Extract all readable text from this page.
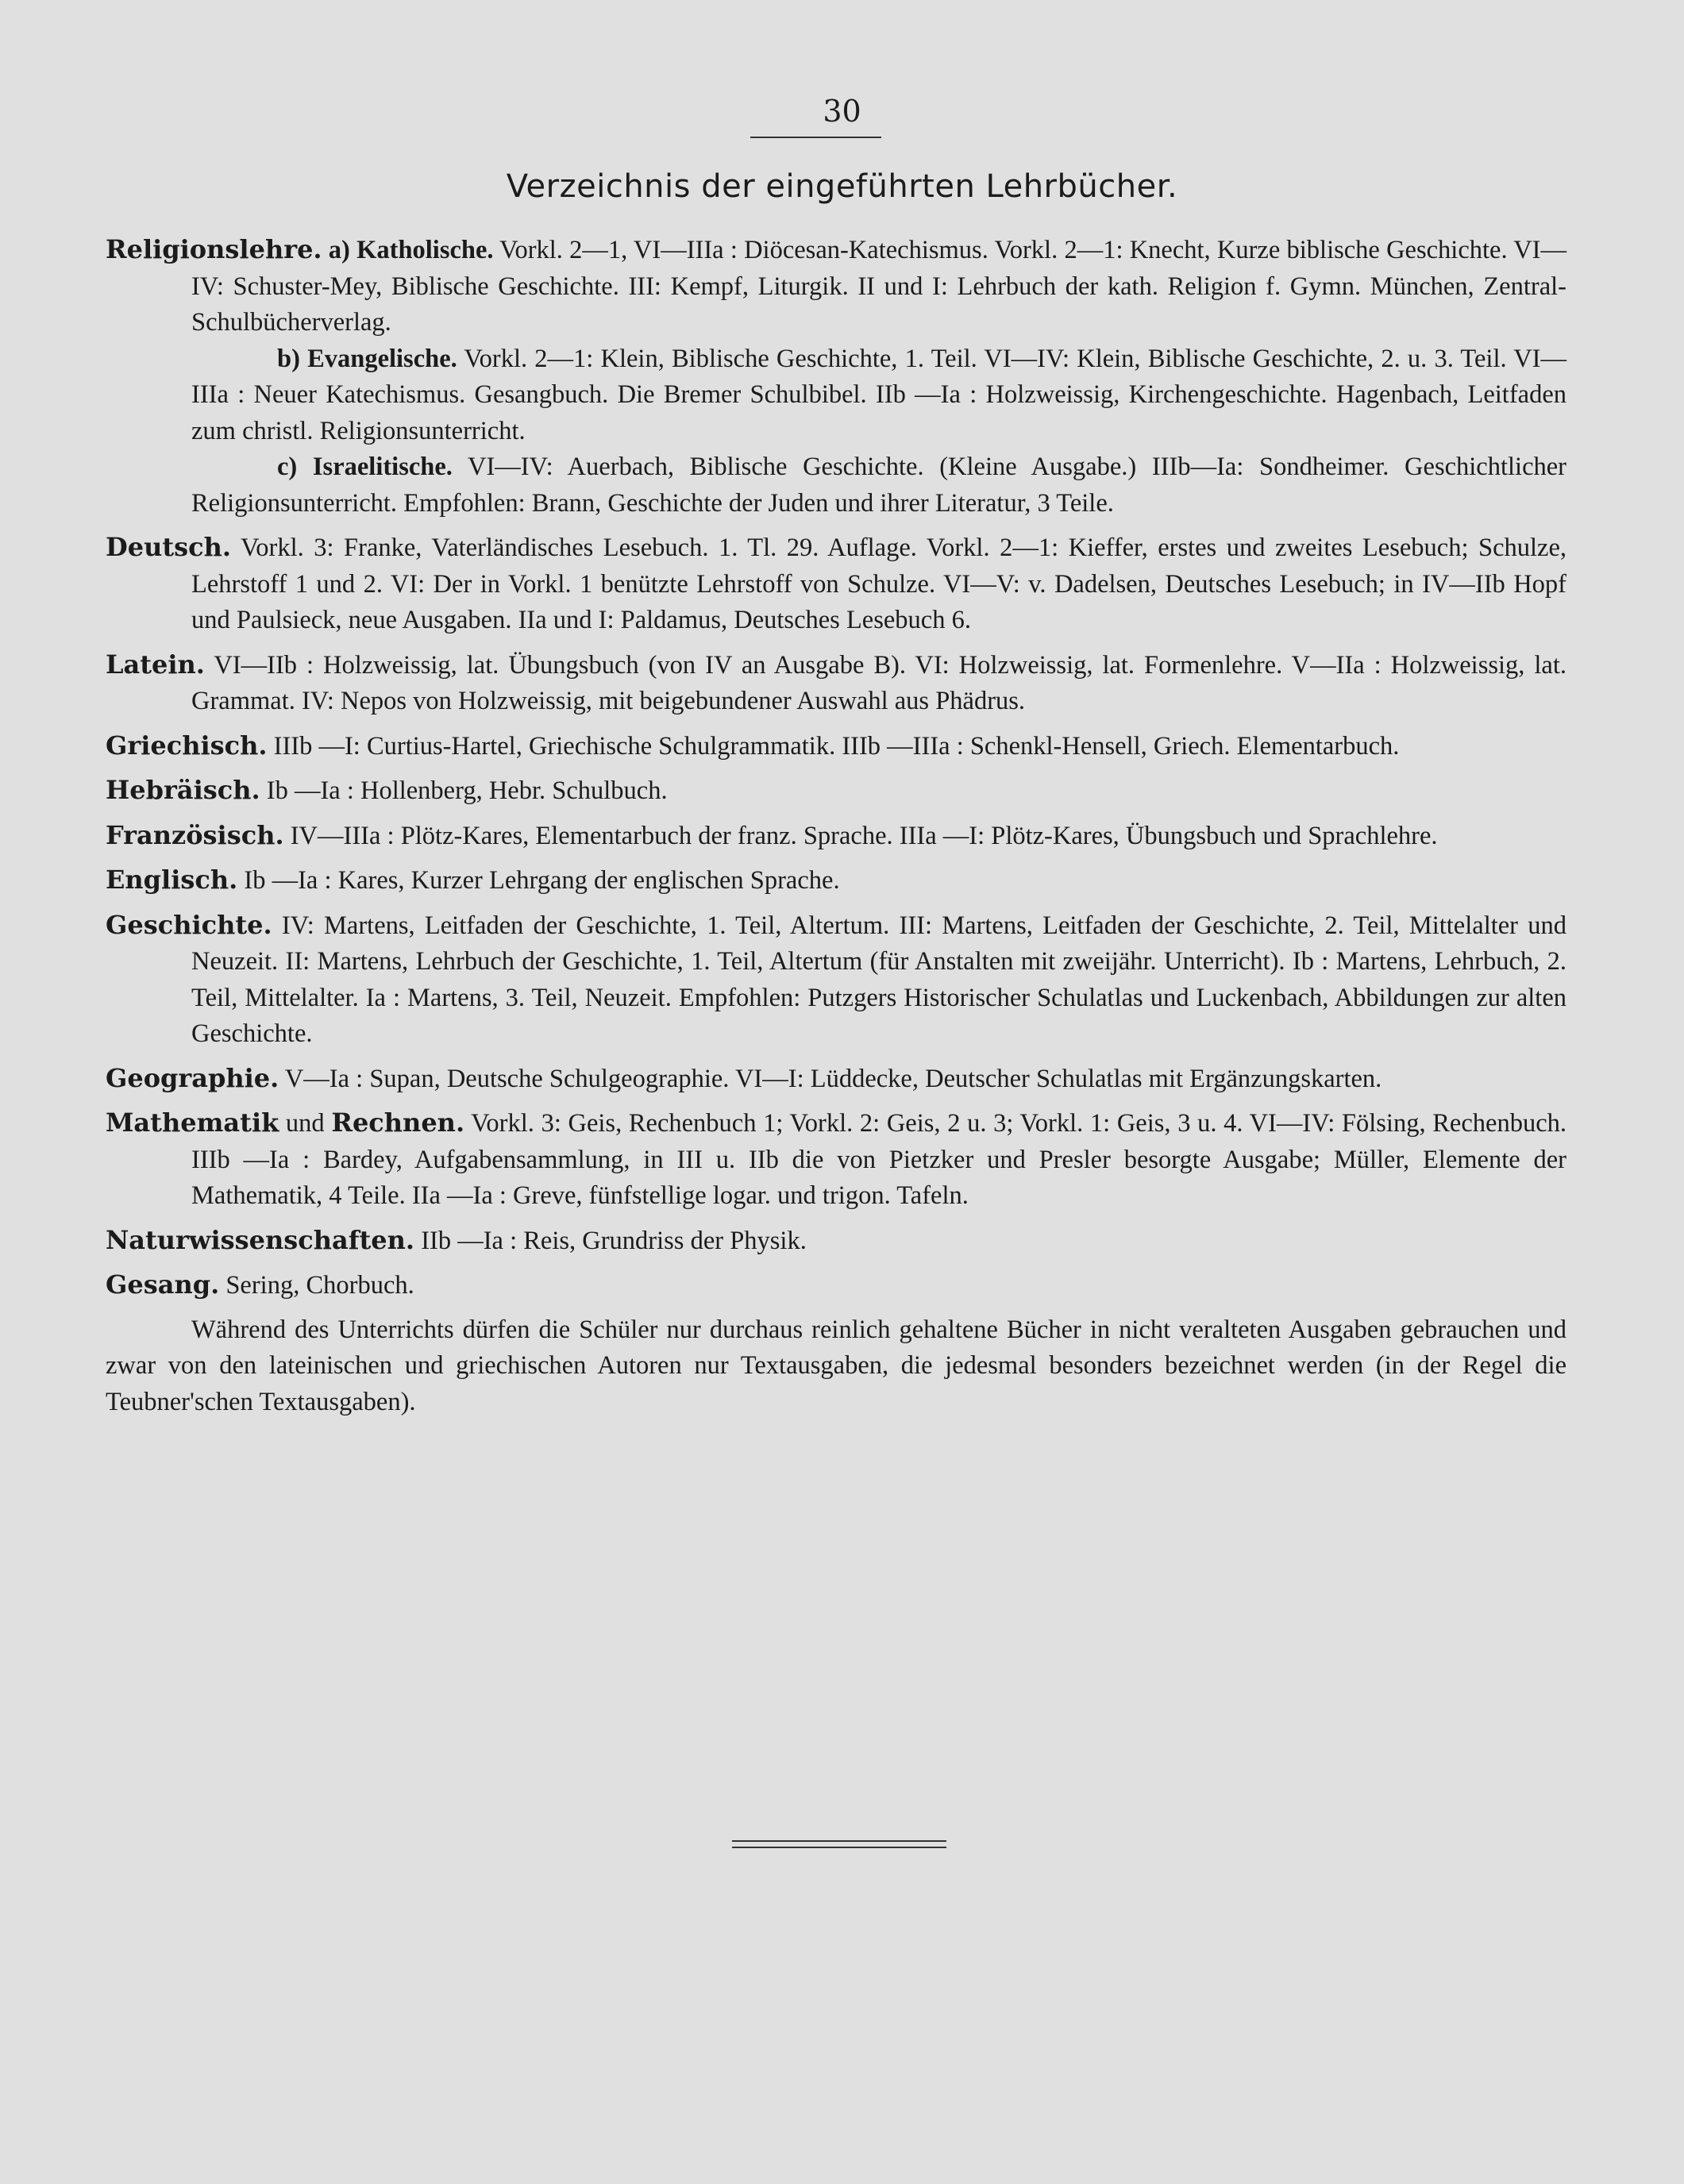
30
Verzeichnis der eingeführten Lehrbücher.

Religionslehre. a) Katholische. Vorkl. 2—1, VI—IIIa : Diöcesan-Katechismus. Vorkl. 2—1: Knecht, Kurze biblische Geschichte. VI—IV: Schuster-Mey, Biblische Geschichte. III: Kempf, Liturgik. II und I: Lehrbuch der kath. Religion f. Gymn. München, Zentral-Schulbücherverlag.

b) Evangelische. Vorkl. 2—1: Klein, Biblische Geschichte, 1. Teil. VI—IV: Klein, Biblische Geschichte, 2. u. 3. Teil. VI—IIIa : Neuer Katechismus. Gesangbuch. Die Bremer Schulbibel. IIb —Ia : Holzweissig, Kirchengeschichte. Hagenbach, Leitfaden zum christl. Religionsunterricht.

c) Israelitische. VI—IV: Auerbach, Biblische Geschichte. (Kleine Ausgabe.) IIIb—Ia: Sondheimer. Geschichtlicher Religionsunterricht. Empfohlen: Brann, Geschichte der Juden und ihrer Literatur, 3 Teile.

Deutsch. Vorkl. 3: Franke, Vaterländisches Lesebuch. 1. Tl. 29. Auflage. Vorkl. 2—1: Kieffer, erstes und zweites Lesebuch; Schulze, Lehrstoff 1 und 2. VI: Der in Vorkl. 1 benützte Lehrstoff von Schulze. VI—V: v. Dadelsen, Deutsches Lesebuch; in IV—IIb Hopf und Paulsieck, neue Ausgaben. IIa und I: Paldamus, Deutsches Lesebuch 6.

Latein. VI—IIb : Holzweissig, lat. Übungsbuch (von IV an Ausgabe B). VI: Holzweissig, lat. Formenlehre. V—IIa : Holzweissig, lat. Grammat. IV: Nepos von Holzweissig, mit beigebundener Auswahl aus Phädrus.

Griechisch. IIIb —I: Curtius-Hartel, Griechische Schulgrammatik. IIIb —IIIa : Schenkl-Hensell, Griech. Elementarbuch.

Hebräisch. Ib —Ia : Hollenberg, Hebr. Schulbuch.

Französisch. IV—IIIa : Plötz-Kares, Elementarbuch der franz. Sprache. IIIa —I: Plötz-Kares, Übungsbuch und Sprachlehre.

Englisch. Ib —Ia : Kares, Kurzer Lehrgang der englischen Sprache.

Geschichte. IV: Martens, Leitfaden der Geschichte, 1. Teil, Altertum. III: Martens, Leitfaden der Geschichte, 2. Teil, Mittelalter und Neuzeit. II: Martens, Lehrbuch der Geschichte, 1. Teil, Altertum (für Anstalten mit zweijähr. Unterricht). Ib : Martens, Lehrbuch, 2. Teil, Mittelalter. Ia : Martens, 3. Teil, Neuzeit. Empfohlen: Putzgers Historischer Schulatlas und Luckenbach, Abbildungen zur alten Geschichte.

Geographie. V—Ia : Supan, Deutsche Schulgeographie. VI—I: Lüddecke, Deutscher Schulatlas mit Ergänzungskarten.

Mathematik und Rechnen. Vorkl. 3: Geis, Rechenbuch 1; Vorkl. 2: Geis, 2 u. 3; Vorkl. 1: Geis, 3 u. 4. VI—IV: Fölsing, Rechenbuch. IIIb —Ia : Bardey, Aufgabensammlung, in III u. IIb die von Pietzker und Presler besorgte Ausgabe; Müller, Elemente der Mathematik, 4 Teile. IIa —Ia : Greve, fünfstellige logar. und trigon. Tafeln.

Naturwissenschaften. IIb —Ia : Reis, Grundriss der Physik.

Gesang. Sering, Chorbuch.

Während des Unterrichts dürfen die Schüler nur durchaus reinlich gehaltene Bücher in nicht veralteten Ausgaben gebrauchen und zwar von den lateinischen und griechischen Autoren nur Textausgaben, die jedesmal besonders bezeichnet werden (in der Regel die Teubner'schen Textausgaben).
